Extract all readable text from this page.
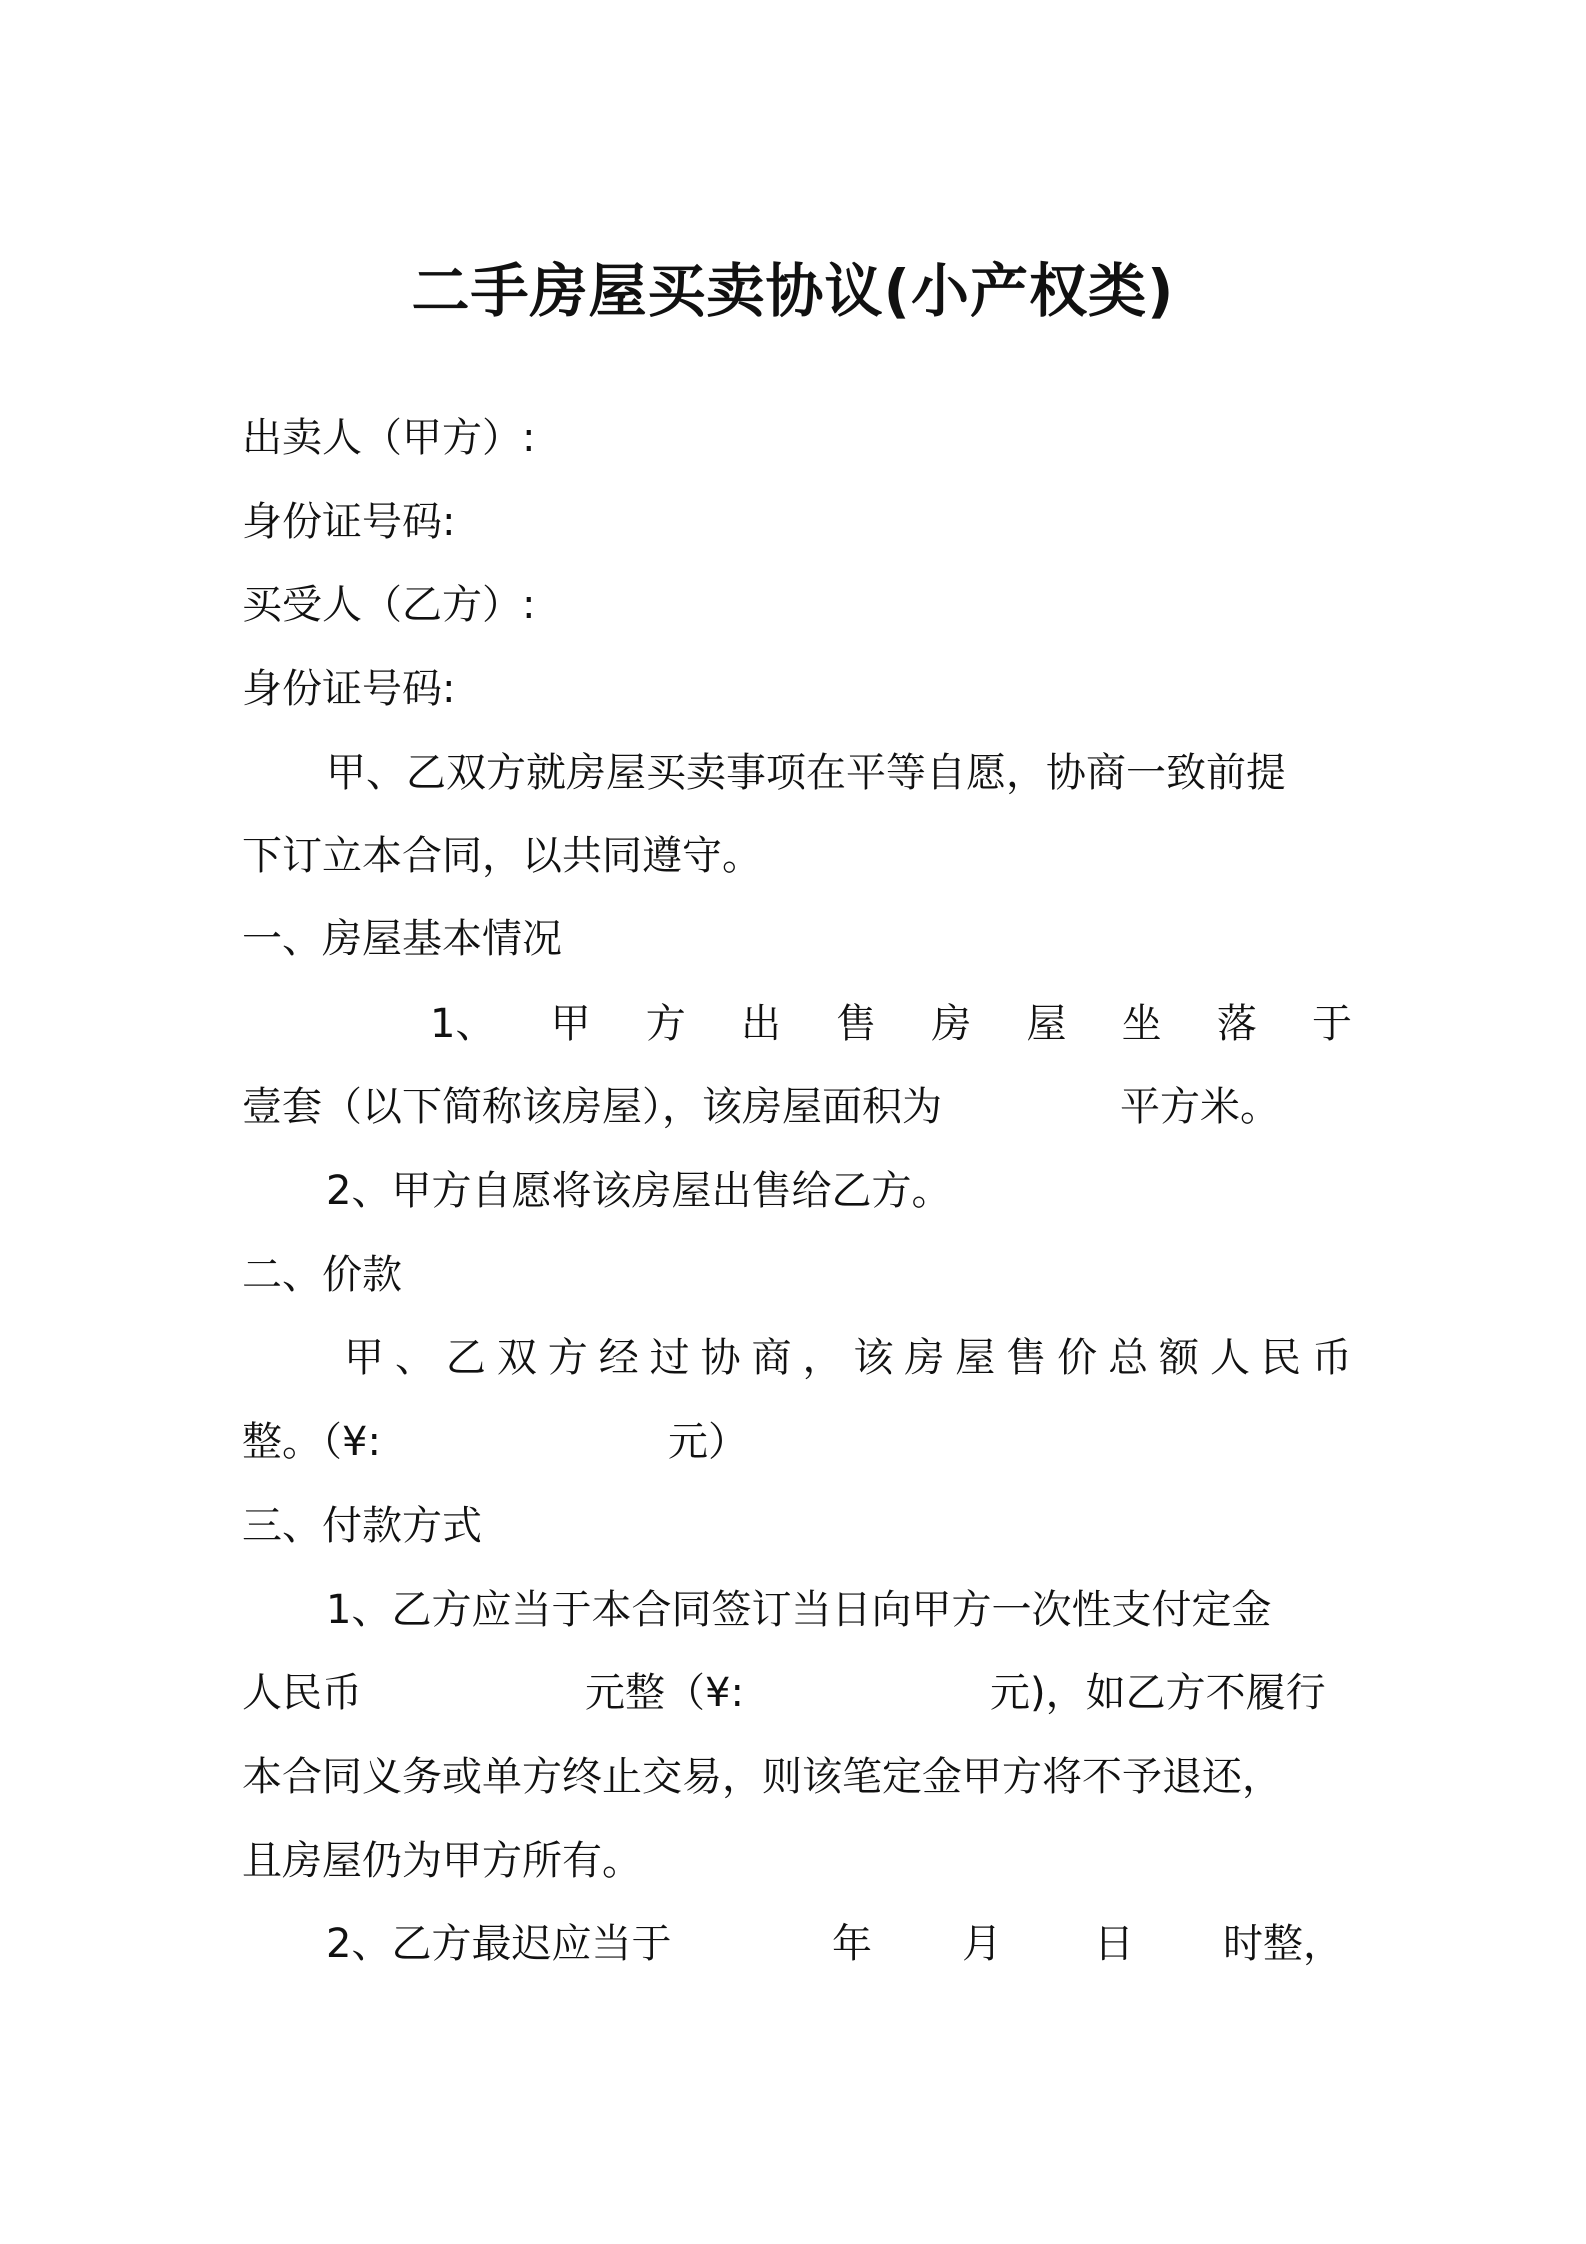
二手房屋买卖协议(小产权类)
出卖人（甲方）:
身份证号码:
买受人（乙方）:
身份证号码:
甲、乙双方就房屋买卖事项在平等自愿，协商一致前提
下订立本合同，以共同遵守。
一、房屋基本情况
1、 甲 方 出 售 房 屋 坐 落 于
壹套（以下简称该房屋），该房屋面积为	平方米。
2、甲方自愿将该房屋出售给乙方。
二、价款
甲 、 乙 双 方 经 过 协 商 ， 该 房 屋 售 价 总 额 人 民 币
整。（¥:	元）
三、付款方式
1、乙方应当于本合同签订当日向甲方一次性支付定金
人民币	元整（¥:	元)，如乙方不履行
本合同义务或单方终止交易，则该笔定金甲方将不予退还，
且房屋仍为甲方所有。
2、乙方最迟应当于	年 月 日 时整，
